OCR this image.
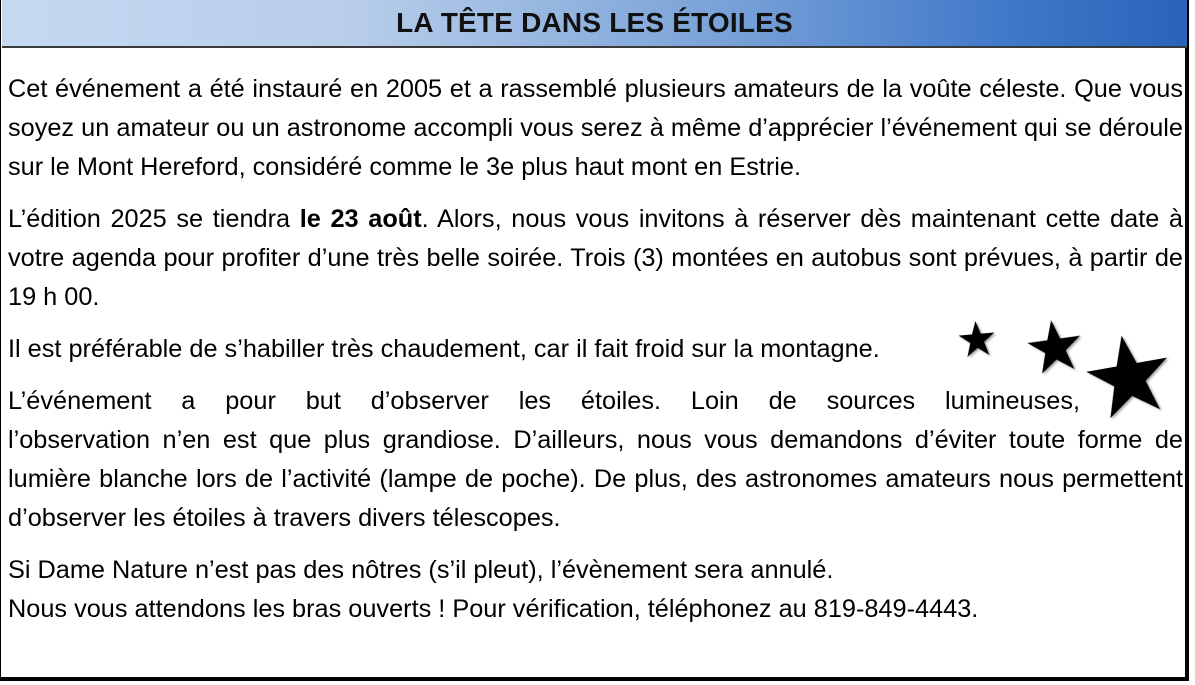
LA TÊTE DANS LES ÉTOILES

Cet événement a été instauré en 2005 et a rassemblé plusieurs amateurs de la voûte céleste. Que vous soyez un amateur ou un astronome accompli vous serez à même d’apprécier l’événement qui se déroule sur le Mont Hereford, considéré comme le 3e plus haut mont en Estrie.

L’édition 2025 se tiendra le 23 août. Alors, nous vous invitons à réserver dès maintenant cette date à votre agenda pour profiter d’une très belle soirée. Trois (3) montées en autobus sont prévues, à partir de 19 h 00.

Il est préférable de s’habiller très chaudement, car il fait froid sur la montagne.

L’événement a pour but d’observer les étoiles. Loin de sources lumineuses,
l’observation n’en est que plus grandiose. D’ailleurs, nous vous demandons d’éviter toute forme de lumière blanche lors de l’activité (lampe de poche). De plus, des astronomes amateurs nous permettent d’observer les étoiles à travers divers télescopes.

Si Dame Nature n’est pas des nôtres (s’il pleut), l’évènement sera annulé.
Nous vous attendons les bras ouverts ! Pour vérification, téléphonez au 819-849-4443.
